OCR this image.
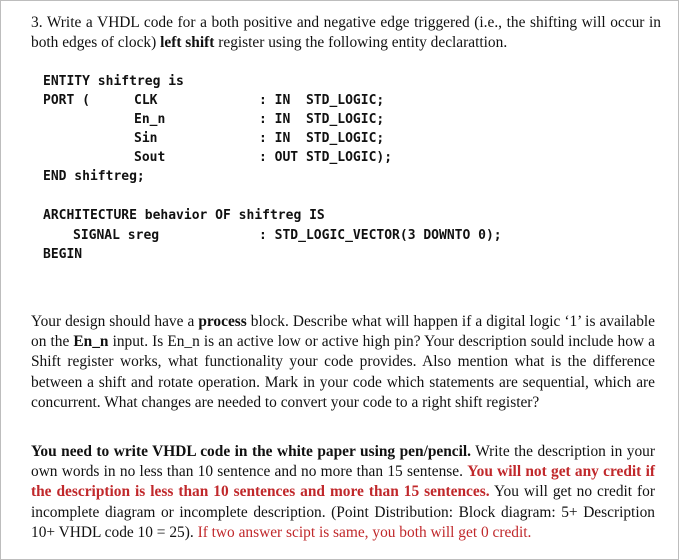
3. Write a VHDL code for a both positive and negative edge triggered (i.e., the shifting will occur in both edges of clock) left shift register using the following entity declarattion.
ENTITY shiftreg is
PORT (	CLK
En_n
Sin
Sout
: IN  STD_LOGIC;
: IN  STD_LOGIC;
: IN  STD_LOGIC;
: OUT STD_LOGIC);
END shiftreg;
ARCHITECTURE behavior OF shiftreg IS
SIGNAL sreg	: STD_LOGIC_VECTOR(3 DOWNTO 0);
BEGIN
Your design should have a process block. Describe what will happen if a digital logic ‘1’ is available on the En_n input. Is En_n is an active low or active high pin? Your description sould include how a Shift register works, what functionality your code provides. Also mention what is the difference between a shift and rotate operation. Mark in your code which statements are sequential, which are concurrent. What changes are needed to convert your code to a right shift register?
You need to write VHDL code in the white paper using pen/pencil. Write the description in your own words in no less than 10 sentence and no more than 15 sentense. You will not get any credit if the description is less than 10 sentences and more than 15 sentences. You will get no credit for incomplete diagram or incomplete description. (Point Distribution: Block diagram: 5+ Description 10+ VHDL code 10 = 25). If two answer scipt is same, you both will get 0 credit.
